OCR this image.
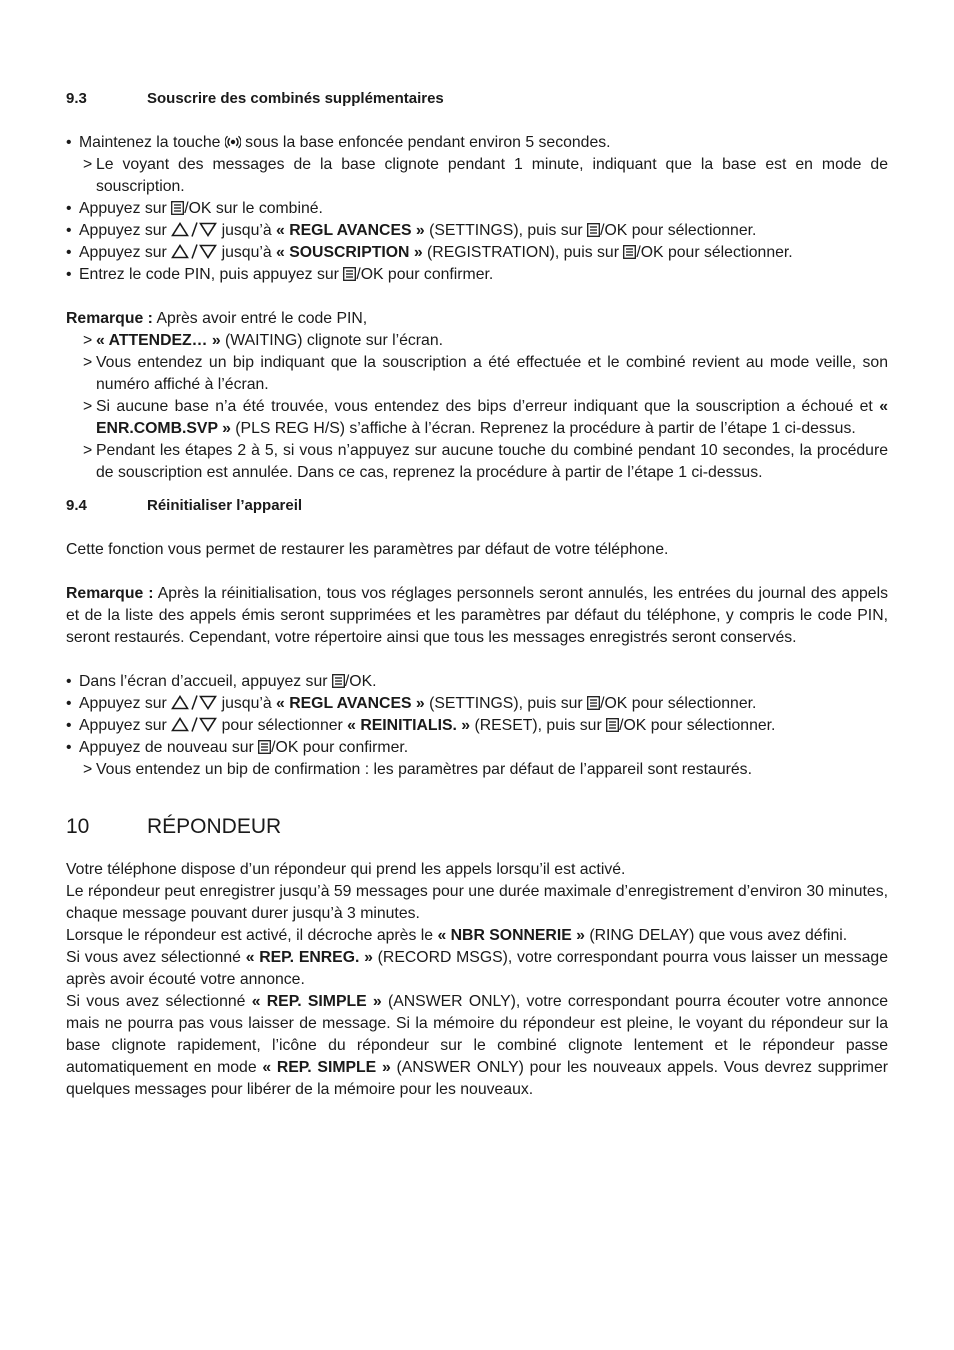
9.3	Souscrire des combinés supplémentaires
• Maintenez la touche sous la base enfoncée pendant environ 5 secondes.
> Le voyant des messages de la base clignote pendant 1 minute, indiquant que la base est en mode de souscription.
• Appuyez sur /OK sur le combiné.
• Appuyez sur	jusqu’à « REGL AVANCES » (SETTINGS), puis sur /OK pour sélectionner.
• Appuyez sur	jusqu’à « SOUSCRIPTION » (REGISTRATION), puis sur /OK pour sélectionner.
• Entrez le code PIN, puis appuyez sur /OK pour confirmer.

Remarque : Après avoir entré le code PIN,

> « ATTENDEZ… » (WAITING) clignote sur l’écran.
> Vous entendez un bip indiquant que la souscription a été effectuée et le combiné revient au mode veille, son numéro affiché à l’écran.
> Si aucune base n’a été trouvée, vous entendez des bips d’erreur indiquant que la souscription a échoué et « ENR.COMB.SVP » (PLS REG H/S) s’affiche à l’écran. Reprenez la procédure à partir de l’étape 1 ci-dessus.
> Pendant les étapes 2 à 5, si vous n’appuyez sur aucune touche du combiné pendant 10 secondes, la procédure de souscription est annulée. Dans ce cas, reprenez la procédure à partir de l’étape 1 ci-dessus.
9.4	Réinitialiser l’appareil

Cette fonction vous permet de restaurer les paramètres par défaut de votre téléphone.

Remarque : Après la réinitialisation, tous vos réglages personnels seront annulés, les entrées du journal des appels et de la liste des appels émis seront supprimées et les paramètres par défaut du téléphone, y compris le code PIN, seront restaurés. Cependant, votre répertoire ainsi que tous les messages enregistrés seront conservés.

• Dans l’écran d’accueil, appuyez sur /OK.
• Appuyez sur	jusqu’à « REGL AVANCES » (SETTINGS), puis sur /OK pour sélectionner.
• Appuyez sur	pour sélectionner « REINITIALIS. » (RESET), puis sur /OK pour sélectionner.
• Appuyez de nouveau sur /OK pour confirmer.
> Vous entendez un bip de confirmation : les paramètres par défaut de l’appareil sont restaurés.
10	RÉPONDEUR

Votre téléphone dispose d’un répondeur qui prend les appels lorsqu’il est activé.

Le répondeur peut enregistrer jusqu’à 59 messages pour une durée maximale d’enregistrement d’environ 30 minutes, chaque message pouvant durer jusqu’à 3 minutes.

Lorsque le répondeur est activé, il décroche après le « NBR SONNERIE » (RING DELAY) que vous avez défini.

Si vous avez sélectionné « REP. ENREG. » (RECORD MSGS), votre correspondant pourra vous laisser un message après avoir écouté votre annonce.

Si vous avez sélectionné « REP. SIMPLE » (ANSWER ONLY), votre correspondant pourra écouter votre annonce mais ne pourra pas vous laisser de message. Si la mémoire du répondeur est pleine, le voyant du répondeur sur la base clignote rapidement, l’icône du répondeur sur le combiné clignote lentement et le répondeur passe automatiquement en mode « REP. SIMPLE » (ANSWER ONLY) pour les nouveaux appels. Vous devrez supprimer quelques messages pour libérer de la mémoire pour les nouveaux.
